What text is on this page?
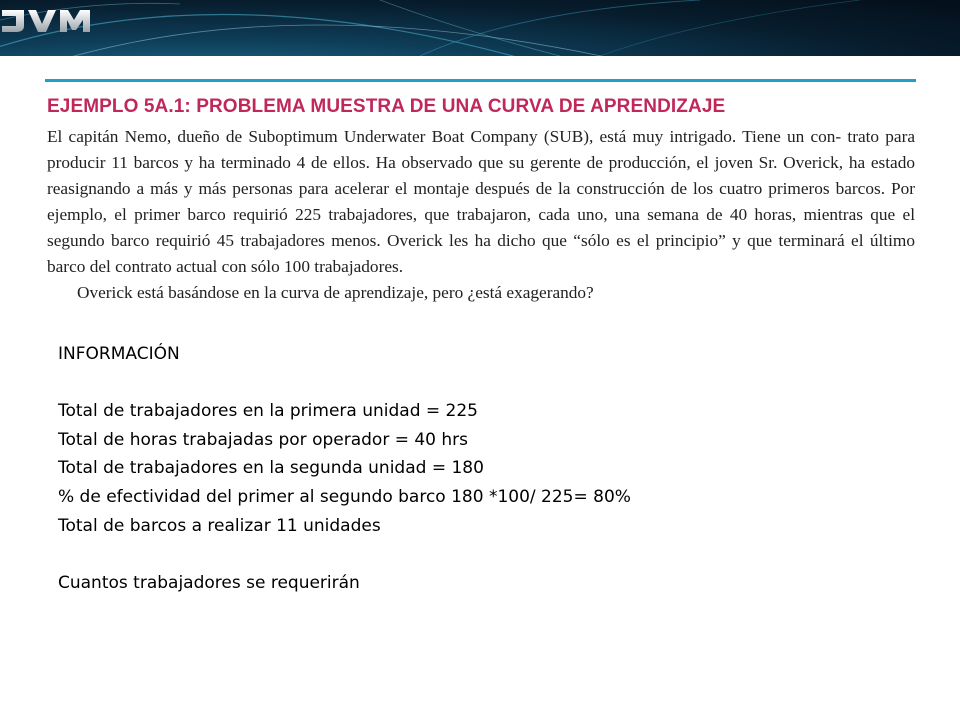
EJEMPLO 5A.1: PROBLEMA MUESTRA DE UNA CURVA DE APRENDIZAJE

El capitán Nemo, dueño de Suboptimum Underwater Boat Company (SUB), está muy intrigado. Tiene un con- trato para producir 11 barcos y ha terminado 4 de ellos. Ha observado que su gerente de producción, el joven Sr. Overick, ha estado reasignando a más y más personas para acelerar el montaje después de la construcción de los cuatro primeros barcos. Por ejemplo, el primer barco requirió 225 trabajadores, que trabajaron, cada uno, una semana de 40 horas, mientras que el segundo barco requirió 45 trabajadores menos. Overick les ha dicho que “sólo es el principio” y que terminará el último barco del contrato actual con sólo 100 trabajadores.

Overick está basándose en la curva de aprendizaje, pero ¿está exagerando?

INFORMACIÓN
Total de trabajadores en la primera unidad = 225
Total de horas trabajadas por operador = 40 hrs
Total de trabajadores en la segunda unidad = 180
% de efectividad del primer al segundo barco 180 *100/ 225= 80%
Total de barcos a realizar 11 unidades
Cuantos trabajadores se requerirán
